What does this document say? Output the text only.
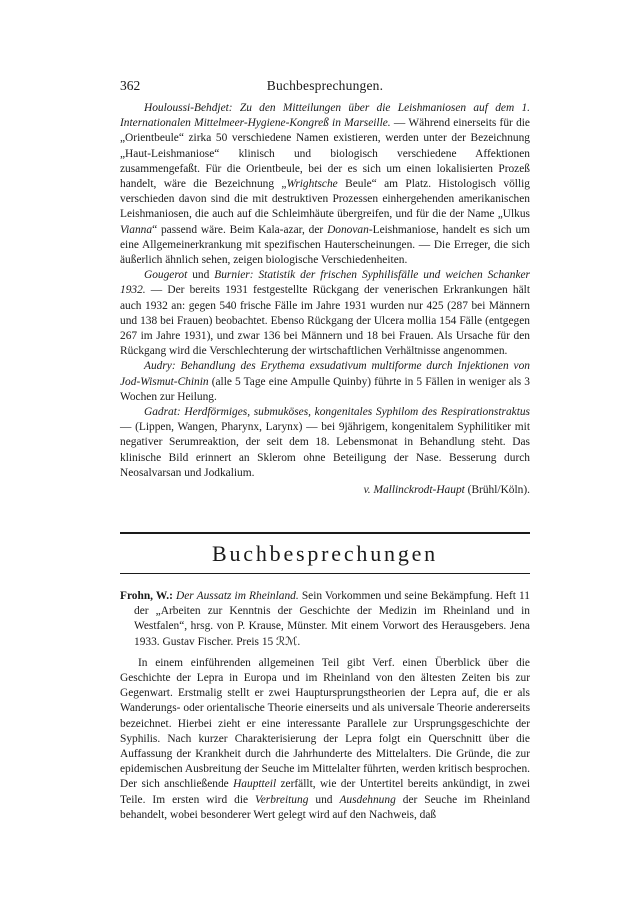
362	Buchbesprechungen.

Houloussi-Behdjet: Zu den Mitteilungen über die Leishmaniosen auf dem 1. Internationalen Mittelmeer-Hygiene-Kongreß in Marseille. — Während einerseits für die „Orientbeule“ zirka 50 verschiedene Namen existieren, werden unter der Bezeichnung „Haut-Leishmaniose“ klinisch und biologisch verschiedene Affektionen zusammengefaßt. Für die Orientbeule, bei der es sich um einen lokalisierten Prozeß handelt, wäre die Bezeichnung „Wrightsche Beule“ am Platz. Histologisch völlig verschieden davon sind die mit destruktiven Prozessen einhergehenden amerikanischen Leishmaniosen, die auch auf die Schleimhäute übergreifen, und für die der Name „Ulkus Vianna“ passend wäre. Beim Kala-azar, der Donovan-Leishmaniose, handelt es sich um eine Allgemeinerkrankung mit spezifischen Hauterscheinungen. — Die Erreger, die sich äußerlich ähnlich sehen, zeigen biologische Verschiedenheiten.

Gougerot und Burnier: Statistik der frischen Syphilisfälle und weichen Schanker 1932. — Der bereits 1931 festgestellte Rückgang der venerischen Erkrankungen hält auch 1932 an: gegen 540 frische Fälle im Jahre 1931 wurden nur 425 (287 bei Männern und 138 bei Frauen) beobachtet. Ebenso Rückgang der Ulcera mollia 154 Fälle (entgegen 267 im Jahre 1931), und zwar 136 bei Männern und 18 bei Frauen. Als Ursache für den Rückgang wird die Verschlechterung der wirtschaftlichen Verhältnisse angenommen.

Audry: Behandlung des Erythema exsudativum multiforme durch Injektionen von Jod-Wismut-Chinin (alle 5 Tage eine Ampulle Quinby) führte in 5 Fällen in weniger als 3 Wochen zur Heilung.

Gadrat: Herdförmiges, submuköses, kongenitales Syphilom des Respirationstraktus — (Lippen, Wangen, Pharynx, Larynx) — bei 9jährigem, kongenitalem Syphilitiker mit negativer Serumreaktion, der seit dem 18. Lebensmonat in Behandlung steht. Das klinische Bild erinnert an Sklerom ohne Beteiligung der Nase. Besserung durch Neosalvarsan und Jodkalium.

v. Mallinckrodt-Haupt (Brühl/Köln).

Buchbesprechungen

Frohn, W.: Der Aussatz im Rheinland. Sein Vorkommen und seine Bekämpfung. Heft 11 der „Arbeiten zur Kenntnis der Geschichte der Medizin im Rheinland und in Westfalen“, hrsg. von P. Krause, Münster. Mit einem Vorwort des Herausgebers. Jena 1933. Gustav Fischer. Preis 15 ℛℳ.

In einem einführenden allgemeinen Teil gibt Verf. einen Überblick über die Geschichte der Lepra in Europa und im Rheinland von den ältesten Zeiten bis zur Gegenwart. Erstmalig stellt er zwei Hauptursprungstheorien der Lepra auf, die er als Wanderungs- oder orientalische Theorie einerseits und als universale Theorie andererseits bezeichnet. Hierbei zieht er eine interessante Parallele zur Ursprungsgeschichte der Syphilis. Nach kurzer Charakterisierung der Lepra folgt ein Querschnitt über die Auffassung der Krankheit durch die Jahrhunderte des Mittelalters. Die Gründe, die zur epidemischen Ausbreitung der Seuche im Mittelalter führten, werden kritisch besprochen. Der sich anschließende Hauptteil zerfällt, wie der Untertitel bereits ankündigt, in zwei Teile. Im ersten wird die Verbreitung und Ausdehnung der Seuche im Rheinland behandelt, wobei besonderer Wert gelegt wird auf den Nachweis, daß
